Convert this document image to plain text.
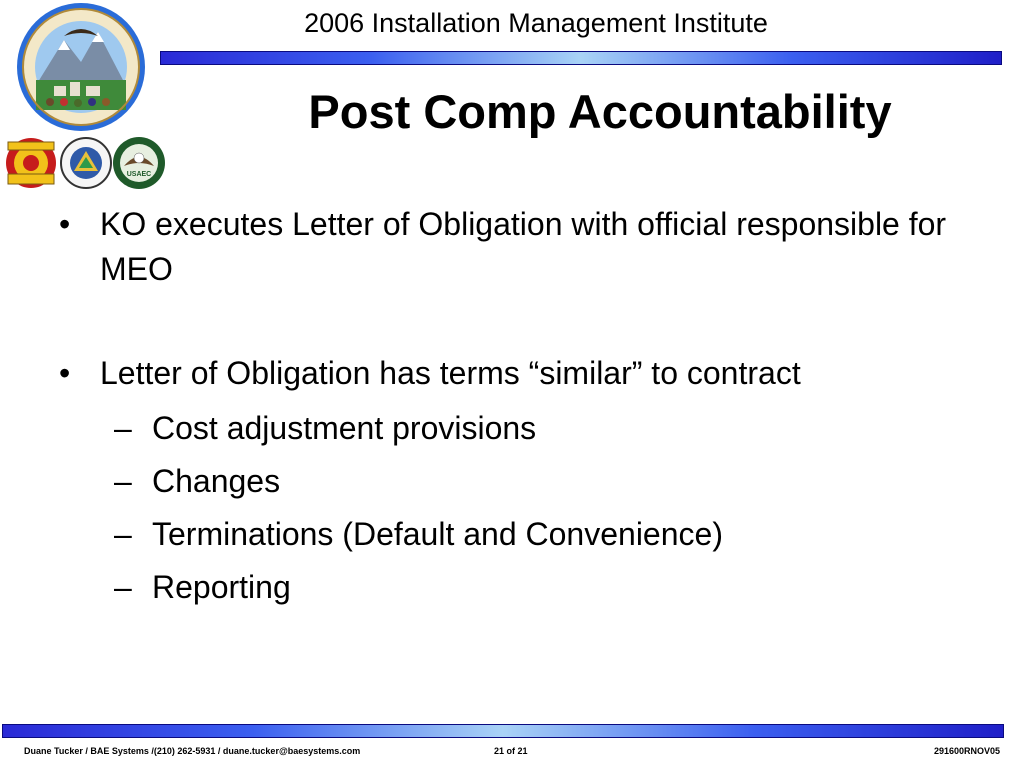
2006 Installation Management Institute
USAEC
Post Comp Accountability
• KO executes Letter of Obligation with official responsible for MEO
• Letter of Obligation has terms “similar” to contract
– Cost adjustment provisions
– Changes
– Terminations (Default and Convenience)
– Reporting
Duane Tucker / BAE Systems /(210) 262-5931 / duane.tucker@baesystems.com	21 of 21	291600RNOV05
